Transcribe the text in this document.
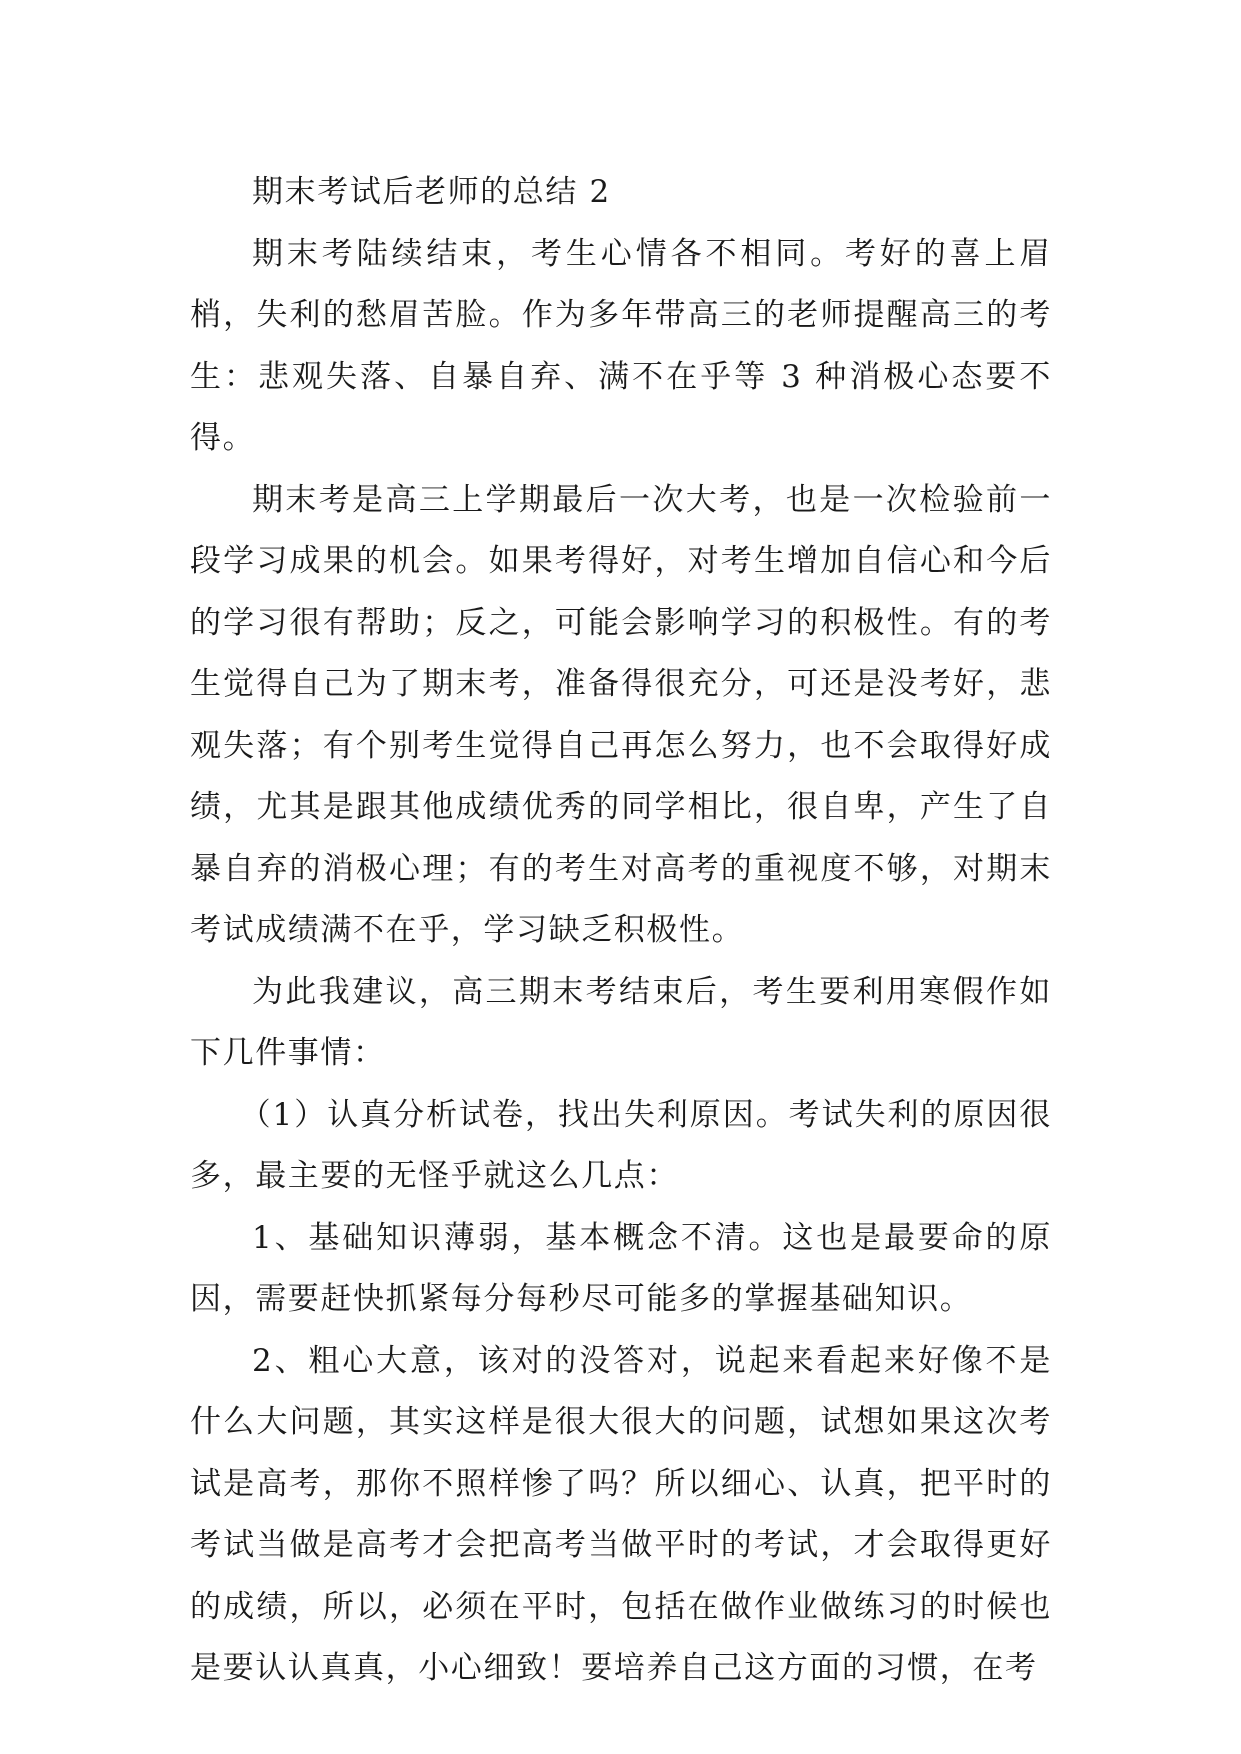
期末考试后老师的总结 2

期末考陆续结束，考生心情各不相同。考好的喜上眉梢，失利的愁眉苦脸。作为多年带高三的老师提醒高三的考生：悲观失落、自暴自弃、满不在乎等 3 种消极心态要不得。

期末考是高三上学期最后一次大考，也是一次检验前一段学习成果的机会。如果考得好，对考生增加自信心和今后的学习很有帮助；反之，可能会影响学习的积极性。有的考生觉得自己为了期末考，准备得很充分，可还是没考好，悲观失落；有个别考生觉得自己再怎么努力，也不会取得好成绩，尤其是跟其他成绩优秀的同学相比，很自卑，产生了自暴自弃的消极心理；有的考生对高考的重视度不够，对期末考试成绩满不在乎，学习缺乏积极性。

为此我建议，高三期末考结束后，考生要利用寒假作如下几件事情：

（1）认真分析试卷，找出失利原因。考试失利的原因很多，最主要的无怪乎就这么几点：

1、基础知识薄弱，基本概念不清。这也是最要命的原因，需要赶快抓紧每分每秒尽可能多的掌握基础知识。

2、粗心大意，该对的没答对，说起来看起来好像不是什么大问题，其实这样是很大很大的问题，试想如果这次考试是高考，那你不照样惨了吗？所以细心、认真，把平时的考试当做是高考才会把高考当做平时的考试，才会取得更好的成绩，所以，必须在平时，包括在做作业做练习的时候也是要认认真真，小心细致！要培养自己这方面的习惯，在考
